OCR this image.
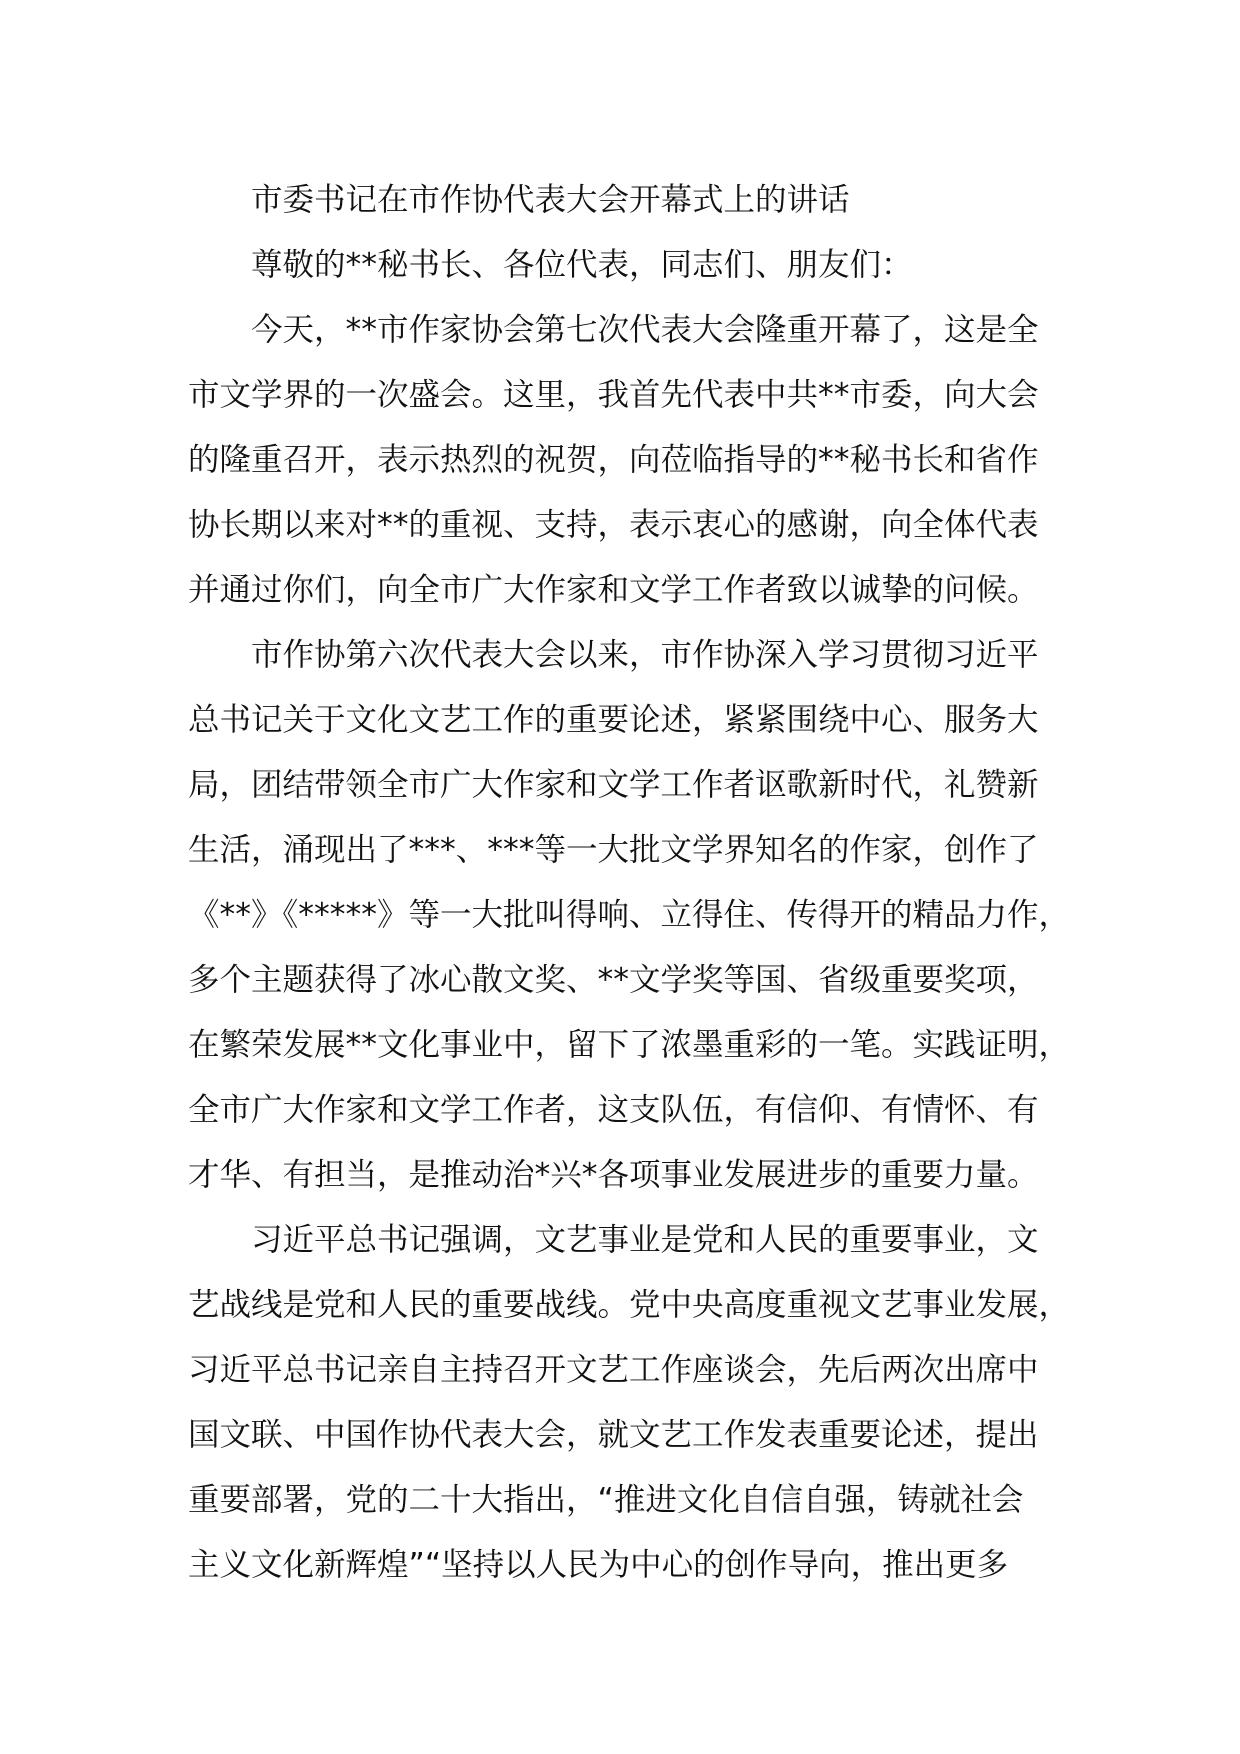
市委书记在市作协代表大会开幕式上的讲话
尊敬的**秘书长、各位代表，同志们、朋友们：
今天，**市作家协会第七次代表大会隆重开幕了，这是全
市文学界的一次盛会。这里，我首先代表中共**市委，向大会
的隆重召开，表示热烈的祝贺，向莅临指导的**秘书长和省作
协长期以来对**的重视、支持，表示衷心的感谢，向全体代表
并通过你们，向全市广大作家和文学工作者致以诚挚的问候。
市作协第六次代表大会以来，市作协深入学习贯彻习近平
总书记关于文化文艺工作的重要论述，紧紧围绕中心、服务大
局，团结带领全市广大作家和文学工作者讴歌新时代，礼赞新
生活，涌现出了***、***等一大批文学界知名的作家，创作了
《**》《*****》等一大批叫得响、立得住、传得开的精品力作，
多个主题获得了冰心散文奖、**文学奖等国、省级重要奖项，
在繁荣发展**文化事业中，留下了浓墨重彩的一笔。实践证明，
全市广大作家和文学工作者，这支队伍，有信仰、有情怀、有
才华、有担当，是推动治*兴*各项事业发展进步的重要力量。
习近平总书记强调，文艺事业是党和人民的重要事业，文
艺战线是党和人民的重要战线。党中央高度重视文艺事业发展，
习近平总书记亲自主持召开文艺工作座谈会，先后两次出席中
国文联、中国作协代表大会，就文艺工作发表重要论述，提出
重要部署，党的二十大指出，“推进文化自信自强，铸就社会
主义文化新辉煌”“坚持以人民为中心的创作导向，推出更多
